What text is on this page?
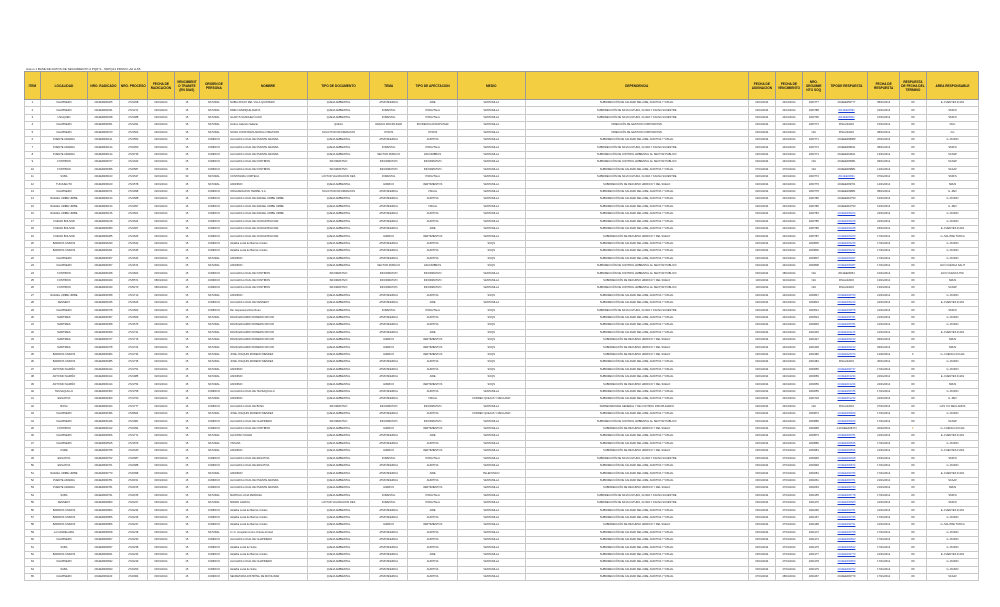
Anexo 1 BASE DE DATOS DE SEGUIMIENTO A PQR´S - SDPQ14 PROM F-A0 H-56
ITEM	LOCALIDAD	NRO. RADICADO	NRO. PROCESO	FECHA DE RADICACION	VENCIMIENT O TRAMITE (EN DIAS)	ORIGEN DE PERSONA	NOMBRE	TIPO DE DOCUMENTO	TEMA	TIPO DE AFECTACION	MEDIO	DEPENDENCIA	FECHA DE ASIGNACION	FECHA DE VENCIMIENTO	NRO. SEGUIMIE NTO SOQ	TIPODE RESPUESTA	FECHA DE RESPUESTA	RESPUESTA DE FECHA DEL TERMINO	AREA RESPONSABLE
1	CHAPINERO	2014ER000025	2721458	02/01/2014	15	NATURAL	NUBIA ROCIO DEL VILLA QUINTERO	QUEJA AMBIENTAL	ATMOSFERICA	AIRE	VENTANILLA	SUBDIRECCIÓN DE CALIDAD DEL AIRE, AUDITIVA Y VISUAL	02/01/2014	24/01/2014	1003777	2014EE056777	08/01/2014	OK	E.-FUENTES FIJAS
2	CHAPINERO	2014ER000031	2721471	02/01/2014	15	NATURAL	PABLO ENRIQUE AMAYA	QUEJA AMBIENTAL	FORESTAL	PODA/TALA	VENTANILLA	SUBDIRECCIÓN DE SILVICULTURA, FLORA Y FAUNA SILVESTRE	02/01/2014	24/01/2014	1003788	2014EE00591	22/01/2014	OK	SSFFS
3	USAQUEN	2014ER000048	2721488	02/01/2014	15	NATURAL	GLADYS SANCHEZ CANO	QUEJA AMBIENTAL	FORESTAL	PODA/TALA	VENTANILLA	SUBDIRECCIÓN DE SILVICULTURA, FLORA Y FAUNA SILVESTRE	02/01/2014	24/01/2014	1003796	2014EE00601	16/01/2014	OK	SSFFS
4	CHAPINERO	2014ER000051	2721491	02/01/2014	15	NATURAL	Andres Galvazo Salazar	QUEJA	DENCIA DISCIPLINAR	INCIDENCIA DISCIPLINAR	VENTANILLA	DIRECCIÓN DE GESTION CORPORATIVA	02/01/2014	24/01/2014	1003773	FINALIZADO	15/01/2014	OK	DGC
5	CHAPINERO	2014ER000073	2721502	02/01/2014	15	NATURAL	SONIA CONSTANZA MURILLO BELTRAN	SOLICITUD INFORMACION	OTROS	OTROS	VENTANILLA	DIRECCIÓN DE GESTION CORPORATIVA	02/01/2014	24/01/2014	N/A	FINALIZADO	08/01/2014	OK	GC
6	PUENTE ARANDA	2014ER000141	2721553	02/01/2014	15	JURIDICO	ALCALDIA LOCAL DE PUENTE ARANDA	QUEJA AMBIENTAL	ATMOSFERICA	AUDITIVA	VENTANILLA	SUBDIRECCIÓN DE CALIDAD DEL AIRE, AUDITIVA Y VISUAL	02/01/2014	24/01/2014	1003771	2014EE008089	20/01/2014	OK	G.-RUIDO
7	PUENTE ARANDA	2014ER000144	2722050	02/01/2014	15	JURIDICO	ALCALDIA LOCAL DE PUENTE ARANDA	QUEJA AMBIENTAL	FORESTAL	PODA/TALA	VENTANILLA	SUBDIRECCIÓN DE SILVICULTURA, FLORA Y FAUNA SILVESTRE	02/01/2014	24/01/2014	1003774	2014EE008941	08/01/2014	OK	SSFFS
8	PUENTE ARANDA	2014ER000144	2723739	02/01/2014	15	JURIDICO	ALCALDIA LOCAL DE PUENTE ARANDA	QUEJA AMBIENTAL	SECTOR PUBLICO	ESCOMBROS	VENTANILLA	SUBDIRECCIÓN DE CONTROL AMBIENTAL AL SECTOR PUBLICO	02/01/2014	24/01/2014	1003774	2014EE004621	13/01/2014	OK	SCASP
9	FONTIBON	2014ER000077	2721943	02/01/2014	15	JURIDICO	ALCALDIA LOCAL DE FONTIBON	INFORMATIVO	INFORMATIVO	INFORMATIVO	VENTANILLA	SUBDIRECCIÓN DE CONTROL AMBIENTAL AL SECTOR PUBLICO	02/01/2014	24/01/2014	N/A	2014EE005981	09/01/2014	OK	SCASP
10	FONTIBON	2014ER000095	2722587	03/01/2014	15	JURIDICO	ALCALDIA LOCAL DE FONTIBON	INFORMATIVO	INFORMATIVO	INFORMATIVO	VENTANILLA	SUBDIRECCIÓN DE CALIDAD DEL AIRE, AUDITIVA Y VISUAL	07/01/2014	27/01/2014	N/A	2014EE009881	14/01/2014	OK	SCAAV
11	SUBA	2014ER000103	2721547	02/01/2014	30	NATURAL	CONSTANZA CORTECA	LICITUD VALORACION DES	FORESTAL	PODA/TALA	VENTANILLA	SUBDIRECCIÓN DE SILVICULTURA, FLORA Y FAUNA SILVESTRE	02/01/2014	24/01/2014	1003774	2014EE00691	07/01/2014	OK	SSFFS
12	TUNJUELITO	2014ER000100	2721578	02/01/2014	15	NATURAL	ANONIMO	QUEJA AMBIENTAL	HIDRICO	VERTIMIENTOS	VENTANILLA	SUBDIRECCIÓN DE RECURSO HIDRICO Y DEL SUELO	02/01/2014	24/01/2014	1003779	2014EE009701	14/01/2014	OK	SRHS
13	CHAPINERO	2014ER000071	2721998	02/01/2014	15	JURIDICO	ORGANIZACION TERPEL S.A.	SOLICITUD INFORMACION	ATMOSFERICA	VISUAL	VENTANILLA	SUBDIRECCIÓN DE CALIDAD DEL AIRE, AUDITIVA Y VISUAL	02/01/2014	24/01/2014	1003778	2014EE009881	08/01/2014	OK	G.-PEV
14	RAFAEL URIBE URIBE	2014ER000134	2721688	02/01/2014	15	JURIDICO	ALCALDIA LOCAL DE RAFAEL URIBE URIBE	QUEJA AMBIENTAL	ATMOSFERICA	AUDITIVA	VENTANILLA	SUBDIRECCIÓN DE CALIDAD DEL AIRE, AUDITIVA Y VISUAL	02/01/2014	24/01/2014	1003780	2014EE010750	16/01/2014	OK	G.-RUIDO
15	RAFAEL URIBE URIBE	2014ER000134	2721957	02/01/2014	15	JURIDICO	ALCALDIA LOCAL DE RAFAEL URIBE URIBE	QUEJA AMBIENTAL	ATMOSFERICA	VISUAL	VENTANILLA	SUBDIRECCIÓN DE CALIDAD DEL AIRE, AUDITIVA Y VISUAL	02/01/2014	24/01/2014	1003780	2014EE010750	16/01/2014	OK	G.-PEV
16	RAFAEL URIBE URIBE	2014ER000135	2721601	02/01/2014	15	JURIDICO	ALCALDIA LOCAL DE RAFAEL URIBE URIBE	QUEJA AMBIENTAL	ATMOSFERICA	AUDITIVA	VENTANILLA	SUBDIRECCIÓN DE CALIDAD DEL AIRE, AUDITIVA Y VISUAL	02/01/2014	24/01/2014	1003784	2014EE000224	23/01/2014	OK	G.-RUIDO
17	CIUDAD BOLIVAR	2014ER000218	2721624	02/01/2014	15	JURIDICO	ALCALDIA LOCAL DE CIUDAD BOLIVAR	QUEJA AMBIENTAL	ATMOSFERICA	AUDITIVA	VENTANILLA	SUBDIRECCIÓN DE CALIDAD DEL AIRE, AUDITIVA Y VISUAL	02/01/2014	24/01/2014	1003785	2014EE000228	22/01/2014	OK	G.-RUIDO
18	CIUDAD BOLIVAR	2014ER000280	2721967	02/01/2014	15	JURIDICO	ALCALDIA LOCAL DE CIUDAD BOLIVAR	QUEJA AMBIENTAL	ATMOSFERICA	AIRE	VENTANILLA	SUBDIRECCIÓN DE CALIDAD DEL AIRE, AUDITIVA Y VISUAL	02/01/2014	24/01/2014	1003786	2014EE000188	18/01/2014	OK	E.-FUENTES FIJAS
19	CIUDAD BOLIVAR	2014ER000285	2721625	02/01/2014	15	JURIDICO	ALCALDIA LOCAL DE CIUDAD BOLIVAR	QUEJA AMBIENTAL	HIDRICO	VERTIMIENTOS	VENTANILLA	SUBDIRECCIÓN DE RECURSO HIDRICO Y DEL SUELO	02/01/2014	24/01/2014	1003787	2014EE000263	17/01/2014	OK	G.-SALITRE TORCA
20	BARRIOS UNIDOS	2014ER000290	2721632	02/01/2014	15	JURIDICO	Alcaldia Local de Barrios Unidos	QUEJA AMBIENTAL	ATMOSFERICA	AUDITIVA	SOQS	SUBDIRECCIÓN DE CALIDAD DEL AIRE, AUDITIVA Y VISUAL	02/01/2014	24/01/2014	1003805	2014EE000230	17/01/2014	OK	G.-RUIDO
21	BARRIOS UNIDOS	2014ER000291	2721635	02/01/2014	15	JURIDICO	Alcaldia Local de Barrios Unidos	QUEJA AMBIENTAL	ATMOSFERICA	AUDITIVA	SOQS	SUBDIRECCIÓN DE CALIDAD DEL AIRE, AUDITIVA Y VISUAL	02/01/2014	24/01/2014	1003806	2014EE000231	17/01/2014	OK	G.-RUIDO
22	CHAPINERO	2014ER000307	2721642	02/01/2014	15	NATURAL	ANONIMO	QUEJA AMBIENTAL	ATMOSFERICA	AUDITIVA	SOQS	SUBDIRECCIÓN DE CALIDAD DEL AIRE, AUDITIVA Y VISUAL	02/01/2014	24/01/2014	1003807	2014EE000067	17/01/2014	OK	G.-RUIDO
23	CHAPINERO	2014ER000307	2721674	02/01/2014	15	NATURAL	ANONIMO	QUEJA AMBIENTAL	SECTOR PUBLICO	ESCOMBROS	SOQS	SUBDIRECCIÓN DE CONTROL AMBIENTAL AL SECTOR PUBLICO	02/01/2014	24/01/2014	1003808	2014EE000087	17/01/2014	OK	ACO CUENCA SALIT
24	FONTIBON	2014ER000328	2721822	03/01/2014	15	JURIDICO	ALCALDIA LOCAL DE FONTIBON	INFORMATIVO	INFORMATIVO	INFORMATIVO	VENTANILLA	SUBDIRECCIÓN DE CONTROL AMBIENTAL AL SECTOR PUBLICO	03/01/2014	28/01/2014	N/A	2014EE00064	10/01/2014	OK	ECO CUENCA TINI
25	FONTIBON	2014ER000329	2725571	08/01/2014	15	JURIDICO	ALCALDIA LOCAL DE FONTIBON	INFORMATIVO	INFORMATIVO	INFORMATIVO	VENTANILLA	SUBDIRECCIÓN DE RECURSO HIDRICO Y DEL SUELO	13/01/2014	31/01/2014	N/A	FINALIZADO	13/01/2014	OK	SRHS
26	FONTIBON	2014ER000330	2725270	08/01/2014	15	JURIDICO	ALCALDIA LOCAL DE FONTIBON	INFORMATIVO	INFORMATIVO	INFORMATIVO	VENTANILLA	SUBDIRECCIÓN DE CONTROL AMBIENTAL AL SECTOR PUBLICO	13/01/2014	31/01/2014	N/A	FINALIZADO	13/01/2014	OK	SCASP
27	RAFAEL URIBE URIBE	2014ER000358	2721710	02/01/2014	15	NATURAL	ANONIMO	QUEJA AMBIENTAL	ATMOSFERICA	AUDITIVA	SOQS	SUBDIRECCIÓN DE CALIDAD DEL AIRE, AUDITIVA Y VISUAL	02/01/2014	24/01/2014	1003847	2014EE000750	21/01/2014	OK	G.-RUIDO
28	KENNEDY	2014ER000345	2721626	02/01/2014	15	JURIDICO	ALCALDIA LOCAL DE KENNEDY	QUEJA AMBIENTAL	ATMOSFERICA	AIRE	VENTANILLA	SUBDIRECCIÓN DE CALIDAD DEL AIRE, AUDITIVA Y VISUAL	02/01/2014	24/01/2014	1003823	2014EE000244	24/01/2014	OK	E.-FUENTES FIJAS
29	CHAPINERO	2014ER000378	2721663	02/01/2014	15	JURIDICO	Rio. Esperanza Rios Roan	QUEJA AMBIENTAL	FORESTAL	PODA/TALA	SOQS	SUBDIRECCIÓN DE SILVICULTURA, FLORA Y FAUNA SILVESTRE	02/01/2014	24/01/2014	1003521	2014EE000878	21/01/2014	OK	SSFFS
30	MARTIRES	2014ER000367	2721669	02/01/2014	15	NATURAL	DAVID EDUARDO ROMERO MAYOR	QUEJA AMBIENTAL	ATMOSFERICA	AUDITIVA	SOQS	SUBDIRECCIÓN DE CALIDAD DEL AIRE, AUDITIVA Y VISUAL	02/01/2014	24/01/2014	1003524	2014EE000781	21/01/2014	OK	G.-RUIDO
31	MARTIRES	2014ER000368	2721675	02/01/2014	15	NATURAL	DAVID EDUARDO ROMERO MAYOR	QUEJA AMBIENTAL	ATMOSFERICA	AUDITIVA	SOQS	SUBDIRECCIÓN DE CALIDAD DEL AIRE, AUDITIVA Y VISUAL	02/01/2014	24/01/2014	1004825	2014EE000781	21/01/2014	OK	G.-RUIDO
32	MARTIRES	2014ER000369	2721741	02/01/2014	15	NATURAL	DAVID EDUARDO ROMERO MAYOR	QUEJA AMBIENTAL	ATMOSFERICA	AIRE	SOQS	SUBDIRECCIÓN DE CALIDAD DEL AIRE, AUDITIVA Y VISUAL	02/01/2014	24/01/2014	1004426	2014EE001133	21/01/2014	OK	E.-FUENTES FIJAS
33	MARTIRES	2014ER000377	2721716	02/01/2014	15	NATURAL	DAVID EDUARDO ROMERO MAYOR	QUEJA AMBIENTAL	HIDRICO	VERTIMIENTOS	SOQS	SUBDIRECCIÓN DE RECURSO HIDRICO Y DEL SUELO	02/01/2014	24/01/2014	1004427	2014EE000193	09/01/2014	OK	SRHS
34	MARTIRES	2014ER000378	2721724	02/01/2014	15	NATURAL	DAVID EDUARDO ROMERO MAYOR	QUEJA AMBIENTAL	HIDRICO	VERTIMIENTOS	SOQS	SUBDIRECCIÓN DE RECURSO HIDRICO Y DEL SUELO	02/01/2014	24/01/2014	1004428	2014EE000193	09/01/2014	OK	SRHS
35	BARRIOS UNIDOS	2014ER000384	2721734	02/01/2014	15	NATURAL	JOSE JOAQUIN MORENO MENDEZ	QUEJA AMBIENTAL	HIDRICO	VERTIMIENTOS	SOQS	SUBDIRECCIÓN DE RECURSO HIDRICO Y DEL SUELO	02/01/2014	24/01/2014	1004482	2014EE026374	12/02/2014	F	G.-CUENCA FUCHA
36	BARRIOS UNIDOS	2014ER000385	2721735	02/01/2014	15	NATURAL	JOSE JOAQUIN MORENO MENDEZ	QUEJA AMBIENTAL	ATMOSFERICA	AUDITIVA	SOQS	SUBDIRECCIÓN DE CALIDAD DEL AIRE, AUDITIVA Y VISUAL	02/01/2014	24/01/2014	1004484	FINALIZADO	30/01/2014	OK	G.-RUIDO
37	ANTONIO NARIÑO	2014ER000414	2721751	02/01/2014	15	NATURAL	ANONIMO	QUEJA AMBIENTAL	ATMOSFERICA	AUDITIVA	SOQS	SUBDIRECCIÓN DE CALIDAD DEL AIRE, AUDITIVA Y VISUAL	02/01/2014	24/01/2014	1003656	2014EE000737	17/01/2014	OK	G.-RUIDO
38	ANTONIO NARIÑO	2014ER000414	2721985	02/01/2014	15	NATURAL	ANONIMO	QUEJA AMBIENTAL	ATMOSFERICA	AIRE	SOQS	SUBDIRECCIÓN DE CALIDAD DEL AIRE, AUDITIVA Y VISUAL	02/01/2014	24/01/2014	1003656	2014EE001234	22/01/2014	OK	E.-FUENTES FIJAS
39	ANTONIO NARIÑO	2014ER000414	2721754	02/01/2014	15	NATURAL	ANONIMO	QUEJA AMBIENTAL	HIDRICO	VERTIMIENTOS	SOQS	SUBDIRECCIÓN DE RECURSO HIDRICO Y DEL SUELO	02/01/2014	24/01/2014	1003656	2014EE001234	22/01/2014	OK	SRHS
40	TEUSAQUILLO	2014ER000450	2721758	02/01/2014	15	JURIDICO	ALCALDIA LOCAL DE TEUSAQUILLO	QUEJA AMBIENTAL	ATMOSFERICA	AUDITIVA	VENTANILLA	SUBDIRECCIÓN DE CALIDAD DEL AIRE, AUDITIVA Y VISUAL	02/01/2014	24/01/2014	1003655	2014EE000786	17/01/2014	OK	G.-RUIDO
41	ENGATIVA	2014ER000460	2721760	02/01/2014	15	NATURAL	ANONIMO	QUEJA AMBIENTAL	ATMOSFERICA	VISUAL	CORREO QUEJAS Y RECLAMO	SUBDIRECCIÓN DE CALIDAD DEL AIRE, AUDITIVA Y VISUAL	02/01/2014	24/01/2014	1003718	2014EE001234	24/01/2014	OK	G.-PEV
42	BOSA	2014ER000424	2721777	02/01/2014	15	JURIDICO	ALCALDIA LOCAL DE BOSA	INFORMATIVO	INFORMATIVO	INFORMATIVO	VENTANILLA	SUBSECRETARIA GENERAL Y DE CONTROL DISCIPLINARIO	02/01/2014	24/01/2014	N/A	FINALIZADO	07/01/2014	OK	CAS Y/O RECLAMOS
43	CHAPINERO	2014ER000496	2725824	02/01/2014	15	NATURAL	JOSE JOAQUIN MORENO MENDEZ	QUEJA AMBIENTAL	ATMOSFERICA	AUDITIVA	CORREO QUEJAS Y RECLAMO	SUBDIRECCIÓN DE CALIDAD DEL AIRE, AUDITIVA Y VISUAL	02/01/2014	24/01/2014	1003874	2014EE000849	17/01/2014	OK	G.-RUIDO
44	CHAPINERO	2014ER000446	2721981	02/01/2014	15	JURIDICO	ALCALDIA LOCAL DE CHAPINERO	INFORMATIVO	INFORMATIVO	INFORMATIVO	VENTANILLA	SUBDIRECCIÓN DE CONTROL AMBIENTAL AL SECTOR PUBLICO	02/01/2014	24/01/2014	1003886	2014EE000849	17/01/2014	OK	SCASP
45	FONTIBON	2014ER000312	2722094	03/01/2014	15	JURIDICO	ALCALDIA LOCAL DE FONTIBON	QUEJA AMBIENTAL	HIDRICO	VERTIMIENTOS	VENTANILLA	SUBDIRECCIÓN DE RECURSO HIDRICO Y DEL SUELO	03/01/2014	27/01/2014	1003995	1-2014EE026374	20/02/2014	F	G.-CUENCA FUCHA
46	CHAPINERO	2014ER000566	2721771	02/01/2014	15	NATURAL	ALFONSO SOLER	QUEJA AMBIENTAL	ATMOSFERICA	AIRE	VENTANILLA	SUBDIRECCIÓN DE CALIDAD DEL AIRE, AUDITIVA Y VISUAL	02/01/2014	24/01/2014	1003873	2014EE000781	21/01/2014	OK	E.-FUENTES FIJAS
47	CHAPINERO	2014ER000525	2721879	02/01/2014	15	NATURAL	VIVIANA	QUEJA AMBIENTAL	ATMOSFERICA	AUDITIVA	VENTANILLA	SUBDIRECCIÓN DE CALIDAD DEL AIRE, AUDITIVA Y VISUAL	02/01/2014	24/01/2014	1003880	2014EE000836	17/01/2014	OK	G.-RUIDO
48	USME	2014ER000768	2722180	03/01/2014	15	NATURAL	ANONIMO	QUEJA AMBIENTAL	HIDRICO	VERTIMIENTOS	VENTANILLA	SUBDIRECCIÓN DE RECURSO HIDRICO Y DEL SUELO	03/01/2014	27/01/2014	1003981	2014EE000836	21/01/2014	OK	G.-FUENTES FIJAS
49	ENGATIVA	2014ER000762	2722087	03/01/2014	15	JURIDICO	ALCALDIA LOCAL DE ENGATIVA	QUEJA AMBIENTAL	FORESTAL	PODA/TALA	VENTANILLA	SUBDIRECCIÓN DE SILVICULTURA, FLORA Y FAUNA SILVESTRE	03/01/2014	27/01/2014	1003948	2014EE000698	16/01/2014	OK	SSFFS
50	ENGATIVA	2014ER000761	2722088	03/01/2014	15	JURIDICO	ALCALDIA LOCAL DE ENGATIVA	QUEJA AMBIENTAL	ATMOSFERICA	AUDITIVA	VENTANILLA	SUBDIRECCIÓN DE CALIDAD DEL AIRE, AUDITIVA Y VISUAL	03/01/2014	27/01/2014	1003948	2014EE000874	17/01/2014	OK	G.-RUIDO
51	RAFAEL URIBE URIBE	2014ER000770	2722098	03/01/2014	15	NATURAL	ANONIMO	QUEJA AMBIENTAL	ATMOSFERICA	AIRE	TELEFONICO	SUBDIRECCIÓN DE CALIDAD DEL AIRE, AUDITIVA Y VISUAL	03/01/2014	27/01/2014	1004081	2014EE000786	17/01/2014	OK	E.-FUENTES FIJAS
52	PUENTE ARANDA	2014ER000781	2722151	03/01/2014	15	JURIDICO	ALCALDIA LOCAL DE PUENTE ARANDA	QUEJA AMBIENTAL	ATMOSFERICA	AUDITIVA	VENTANILLA	SUBDIRECCIÓN DE CALIDAD DEL AIRE, AUDITIVA Y VISUAL	03/01/2014	27/01/2014	1004061	2014EE000781	21/01/2014	OK	SCAAV
53	PUENTE ARANDA	2014ER000781	2722155	03/01/2014	15	JURIDICO	ALCALDIA LOCAL DE PUENTE ARANDA	QUEJA AMBIENTAL	HIDRICO	VERTIMIENTOS	VENTANILLA	SUBDIRECCIÓN DE RECURSO HIDRICO Y DEL SUELO	03/01/2014	27/01/2014	1004063	2014EE000790	21/01/2014	OK	SRHS
54	SUBA	2014ER000791	2722155	03/01/2014	15	NATURAL	MARTHA LUCIA PEDRAZA	QUEJA AMBIENTAL	FORESTAL	PODA/TALA	VENTANILLA	SUBDIRECCIÓN DE SILVICULTURA, FLORA Y FAUNA SILVESTRE	03/01/2014	27/01/2014	1004155	2014EE000778	17/01/2014	OK	SSFFS
55	KENNEDY	2014ER000800	2722227	03/01/2014	15	NATURAL	MIRIAN GARCIA	LICITUD VALORACION DES	FORESTAL	PODA/TALA	VENTANILLA	SUBDIRECCIÓN DE SILVICULTURA, FLORA Y FAUNA SILVESTRE	03/01/2014	27/01/2014	1004170	2014EE000680	21/01/2014	OK	SSFFS
56	BARRIOS UNIDOS	2014ER000804	2722244	03/01/2014	15	JURIDICO	Alcaldia Local de Barrios Unidos	QUEJA AMBIENTAL	ATMOSFERICA	AIRE	VENTANILLA	SUBDIRECCIÓN DE CALIDAD DEL AIRE, AUDITIVA Y VISUAL	03/01/2014	27/01/2014	1004266	2014EE000781	21/01/2014	OK	E.-FUENTES FIJAS
57	BARRIOS UNIDOS	2014ER000805	2722246	03/01/2014	15	JURIDICO	Alcaldia Local de Barrios Unidos	QUEJA AMBIENTAL	ATMOSFERICA	AUDITIVA	VENTANILLA	SUBDIRECCIÓN DE CALIDAD DEL AIRE, AUDITIVA Y VISUAL	03/01/2014	27/01/2014	1004167	2014EE000786	17/01/2014	OK	G.-RUIDO
58	BARRIOS UNIDOS	2014ER000806	2722247	03/01/2014	15	JURIDICO	Alcaldia Local de Barrios Unidos	QUEJA AMBIENTAL	HIDRICO	VERTIMIENTOS	VENTANILLA	SUBDIRECCIÓN DE RECURSO HIDRICO Y DEL SUELO	03/01/2014	27/01/2014	1004168	2014EE000791	21/01/2014	OK	G.-SALITRE TORCA
59	LA CANDELARIA	2014ER000818	2722218	03/01/2014	15	NATURAL	C.I.C. Hospital Centro Oriente E.Neel	QUEJA AMBIENTAL	ATMOSFERICA	AUDITIVA	VENTANILLA	SUBDIRECCIÓN DE CALIDAD DEL AIRE, AUDITIVA Y VISUAL	03/01/2014	27/01/2014	1004172	2014EE000758	17/01/2014	OK	G.-RUIDO
60	CHAPINERO	2014ER000827	2722230	03/01/2014	15	JURIDICO	ALCALDIA LOCAL DE CHAPINERO	QUEJA AMBIENTAL	ATMOSFERICA	AUDITIVA	VENTANILLA	SUBDIRECCIÓN DE CALIDAD DEL AIRE, AUDITIVA Y VISUAL	03/01/2014	27/01/2014	1004174	2014EE000823	17/01/2014	OK	G.-RUIDO
61	SUBA	2014ER000837	2722238	03/01/2014	15	JURIDICO	Alcaldia Local de Suba	QUEJA AMBIENTAL	ATMOSFERICA	AUDITIVA	VENTANILLA	SUBDIRECCIÓN DE CALIDAD DEL AIRE, AUDITIVA Y VISUAL	03/01/2014	27/01/2014	1004175	2014EE000842	17/01/2014	OK	G.-RUIDO
62	BARRIOS UNIDOS	2014ER000841	2722242	03/01/2014	15	JURIDICO	Alcaldia Local de Barrios Unidos	QUEJA AMBIENTAL	ATMOSFERICA	AIRE	VENTANILLA	SUBDIRECCIÓN DE CALIDAD DEL AIRE, AUDITIVA Y VISUAL	03/01/2014	27/01/2014	1004177	2014EE000773	21/01/2014	OK	E.-FUENTES FIJAS
63	CHAPINERO	2014ER000842	2722249	03/01/2014	15	JURIDICO	ALCALDIA LOCAL DE CHAPINERO	QUEJA AMBIENTAL	ATMOSFERICA	AUDITIVA	VENTANILLA	SUBDIRECCIÓN DE CALIDAD DEL AIRE, AUDITIVA Y VISUAL	03/01/2014	27/01/2014	1004178	2014EE000869	17/01/2014	OK	G.-RUIDO
64	SUBA	2014ER000843	2722250	03/01/2014	15	JURIDICO	Alcaldia Local de Suba	QUEJA AMBIENTAL	ATMOSFERICA	AUDITIVA	VENTANILLA	SUBDIRECCIÓN DE CALIDAD DEL AIRE, AUDITIVA Y VISUAL	03/01/2014	27/01/2014	1004179	2014EE000762	17/01/2014	OK	G.-RUIDO
65	CHAPINERO	2014ER001103	2722964	03/01/2014	15	JURIDICO	SECRETARIA DISTRITAL DE MOVILIDAD	QUEJA AMBIENTAL	ATMOSFERICA	AUDITIVA	VENTANILLA	SUBDIRECCIÓN DE CALIDAD DEL AIRE, AUDITIVA Y VISUAL	07/01/2014	28/01/2014	1004467	2014EE000770	17/01/2014	OK	SCAAV
